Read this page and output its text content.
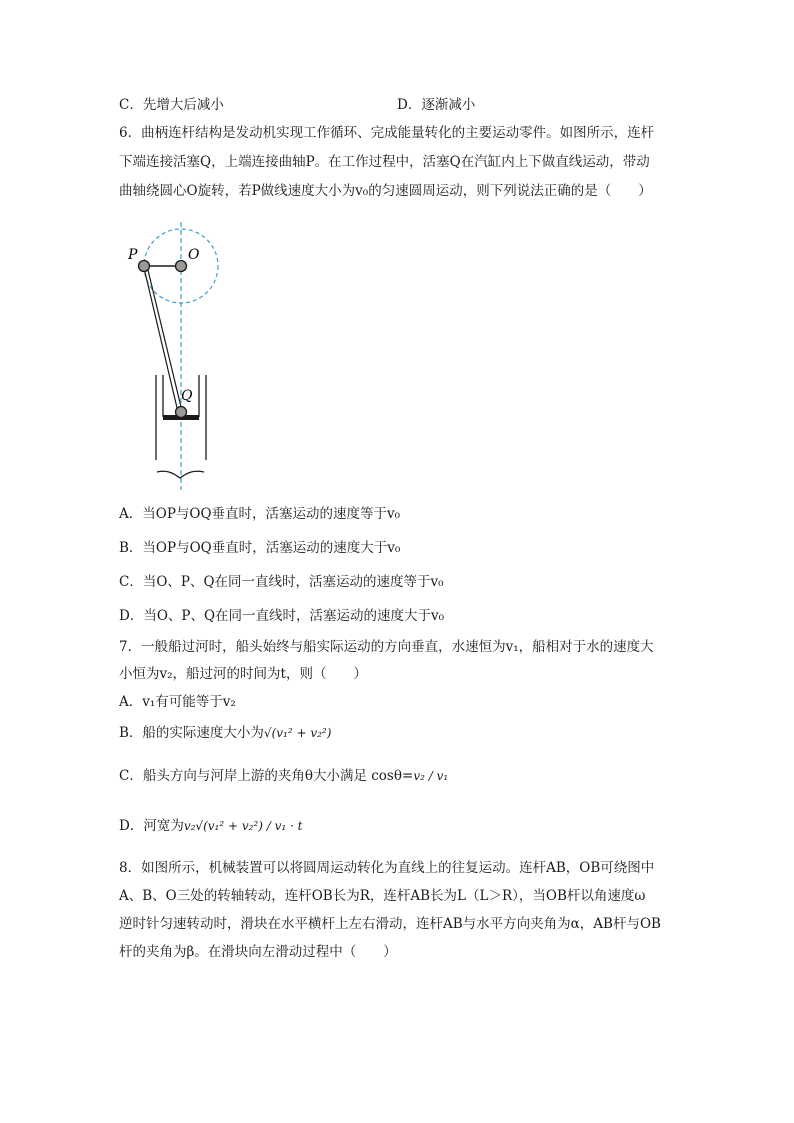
C．先增大后减小	D．逐渐减小
6．曲柄连杆结构是发动机实现工作循环、完成能量转化的主要运动零件。如图所示，连杆
下端连接活塞Q，上端连接曲轴P。在工作过程中，活塞Q在汽缸内上下做直线运动，带动
曲轴绕圆心O旋转，若P做线速度大小为v₀的匀速圆周运动，则下列说法正确的是（　　）
P	O
Q
A．当OP与OQ垂直时，活塞运动的速度等于v₀
B．当OP与OQ垂直时，活塞运动的速度大于v₀
C．当O、P、Q在同一直线时，活塞运动的速度等于v₀
D．当O、P、Q在同一直线时，活塞运动的速度大于v₀
7．一般船过河时，船头始终与船实际运动的方向垂直，水速恒为v₁，船相对于水的速度大
小恒为v₂，船过河的时间为t，则（　　）
A．v₁有可能等于v₂
B．船的实际速度大小为√(v₁² + v₂²)
C．船头方向与河岸上游的夹角θ大小满足 cosθ=v₂ / v₁
D．河宽为v₂√(v₁² + v₂²) / v₁ · t
8．如图所示，机械装置可以将圆周运动转化为直线上的往复运动。连杆AB，OB可绕图中
A、B、O三处的转轴转动，连杆OB长为R，连杆AB长为L（L＞R），当OB杆以角速度ω
逆时针匀速转动时，滑块在水平横杆上左右滑动，连杆AB与水平方向夹角为α，AB杆与OB
杆的夹角为β。在滑块向左滑动过程中（　　）
